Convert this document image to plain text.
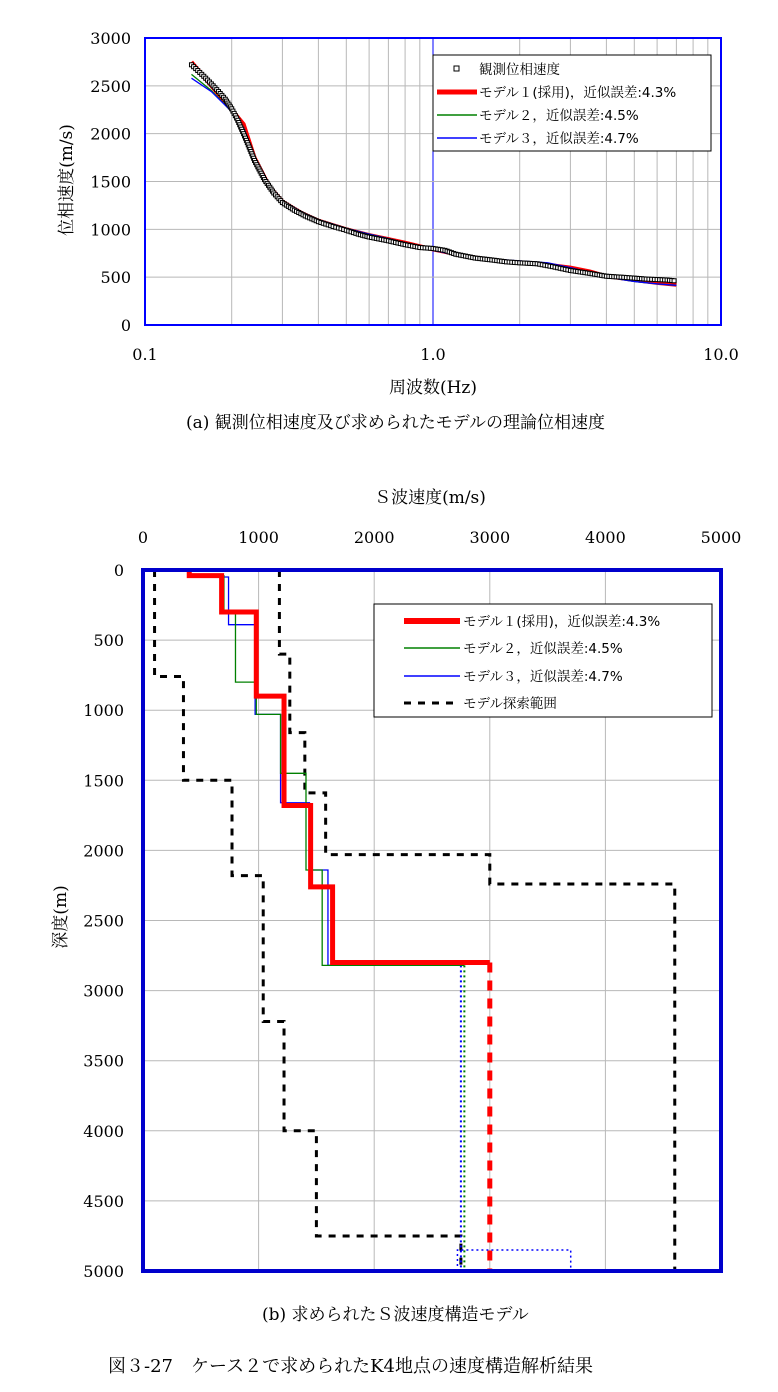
0
500
1000
1500
2000
2500
3000
0.1	1.0	10.0
周波数(Hz)
位相速度(m/s)
観測位相速度
モデル１(採用)，近似誤差:4.3%
モデル２，近似誤差:4.5%
モデル３，近似誤差:4.7%
(a) 観測位相速度及び求められたモデルの理論位相速度
Ｓ波速度(m/s)
0
500
1000
1500
2000
2500
3000
3500
4000
4500
5000
0	1000	2000	3000	4000	5000
深度(m)
モデル１(採用)，近似誤差:4.3%
モデル２，近似誤差:4.5%
モデル３，近似誤差:4.7%
モデル探索範囲
(b) 求められたＳ波速度構造モデル
図３-27　ケース２で求められたK4地点の速度構造解析結果
